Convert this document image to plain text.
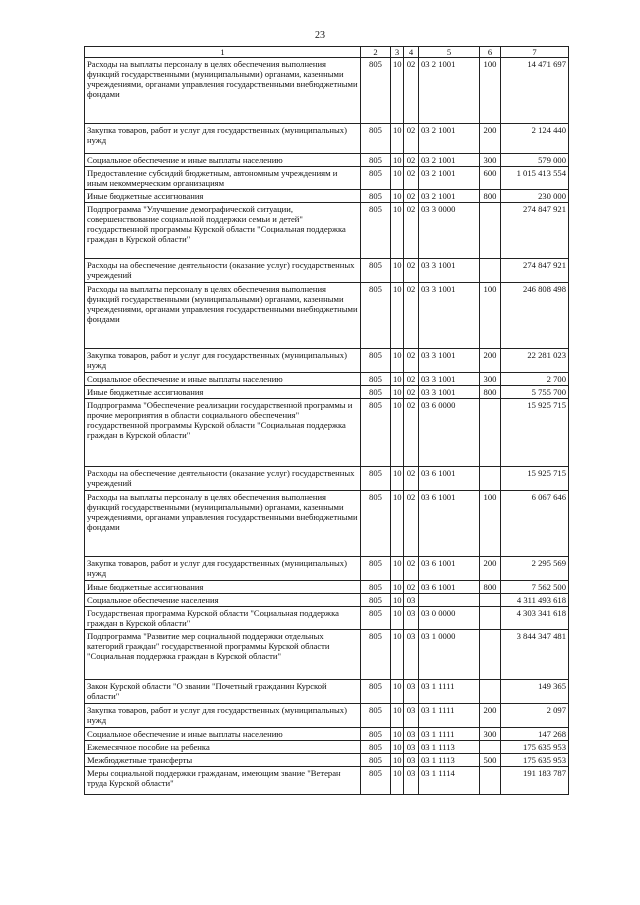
23
1	2	3	4	5	6	7
Расходы на выплаты персоналу в целях обеспечения выполнения функций государственными (муниципальными) органами, казенными учреждениями, органами управления государственными внебюджетными фондами	805	10	02	03 2 1001	100	14 471 697
Закупка товаров, работ и услуг для государственных (муниципальных) нужд	805	10	02	03 2 1001	200	2 124 440
Социальное обеспечение и иные выплаты населению	805	10	02	03 2 1001	300	579 000
Предоставление субсидий бюджетным, автономным учреждениям и иным некоммерческим организациям	805	10	02	03 2 1001	600	1 015 413 554
Иные бюджетные ассигнования	805	10	02	03 2 1001	800	230 000
Подпрограмма "Улучшение демографической ситуации, совершенствование социальной поддержки семьи и детей" государственной программы Курской области "Социальная поддержка граждан в Курской области"	805	10	02	03 3 0000		274 847 921
Расходы на обеспечение деятельности (оказание услуг) государственных учреждений	805	10	02	03 3 1001		274 847 921
Расходы на выплаты персоналу в целях обеспечения выполнения функций государственными (муниципальными) органами, казенными учреждениями, органами управления государственными внебюджетными фондами	805	10	02	03 3 1001	100	246 808 498
Закупка товаров, работ и услуг для государственных (муниципальных) нужд	805	10	02	03 3 1001	200	22 281 023
Социальное обеспечение и иные выплаты населению	805	10	02	03 3 1001	300	2 700
Иные бюджетные ассигнования	805	10	02	03 3 1001	800	5 755 700
Подпрограмма "Обеспечение реализации государственной программы и прочие мероприятия в области социального обеспечения" государственной программы Курской области "Социальная поддержка граждан в Курской области"	805	10	02	03 6 0000		15 925 715
Расходы на обеспечение деятельности (оказание услуг) государственных учреждений	805	10	02	03 6 1001		15 925 715
Расходы на выплаты персоналу в целях обеспечения выполнения функций государственными (муниципальными) органами, казенными учреждениями, органами управления государственными внебюджетными фондами	805	10	02	03 6 1001	100	6 067 646
Закупка товаров, работ и услуг для государственных (муниципальных) нужд	805	10	02	03 6 1001	200	2 295 569
Иные бюджетные ассигнования	805	10	02	03 6 1001	800	7 562 500
Социальное обеспечение населения	805	10	03			4 311 493 618
Государственая программа Курской области "Социальная поддержка граждан в Курской области"	805	10	03	03 0 0000		4 303 341 618
Подпрограмма "Развитие мер социальной поддержки отдельных категорий граждан" государственной программы Курской области "Социальная поддержка граждан в Курской области"	805	10	03	03 1 0000		3 844 347 481
Закон Курской области "О звании "Почетный гражданин Курской области"	805	10	03	03 1 1111		149 365
Закупка товаров, работ и услуг для государственных (муниципальных) нужд	805	10	03	03 1 1111	200	2 097
Социальное обеспечение и иные выплаты населению	805	10	03	03 1 1111	300	147 268
Ежемесячное пособие на ребенка	805	10	03	03 1 1113		175 635 953
Межбюджетные трансферты	805	10	03	03 1 1113	500	175 635 953
Меры социальной поддержки гражданам, имеющим звание "Ветеран труда Курской области"	805	10	03	03 1 1114		191 183 787
